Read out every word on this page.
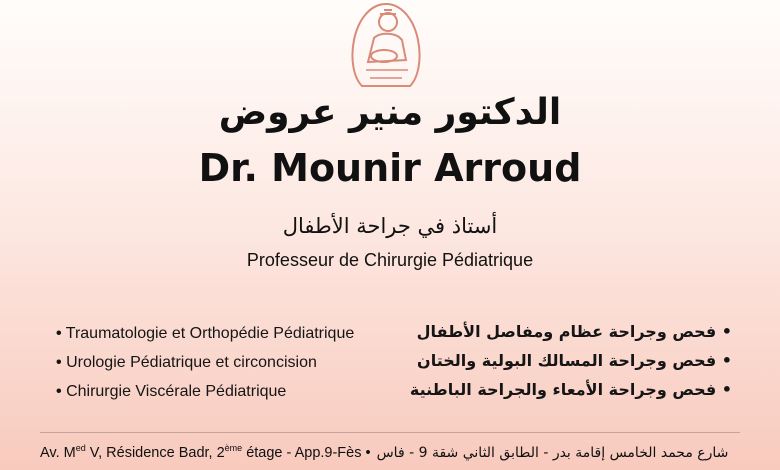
الدكتور منير عروض
Dr. Mounir Arroud
أستاذ في جراحة الأطفال
Professeur de Chirurgie Pédiatrique
• Traumatologie et Orthopédie Pédiatrique
• Urologie Pédiatrique et circoncision
• Chirurgie Viscérale Pédiatrique
• فحص وجراحة عظام ومفاصل الأطفال
• فحص وجراحة المسالك البولية والختان
• فحص وجراحة الأمعاء والجراحة الباطنية
Av. $M^{ed}$ V, Résidence Badr, 2ème étage - App.9-Fès • شارع محمد الخامس إقامة بدر - الطابق الثاني شقة 9 - فاس
